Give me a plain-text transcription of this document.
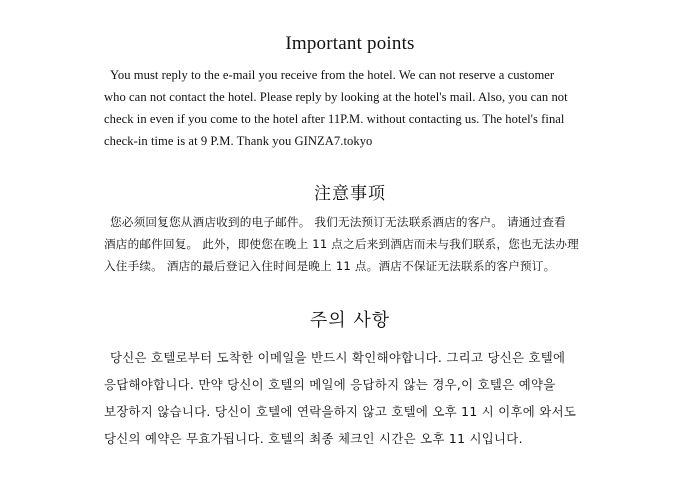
Important points
You must reply to the e-mail you receive from the hotel. We can not reserve a customer
who can not contact the hotel. Please reply by looking at the hotel's mail. Also, you can not
check in even if you come to the hotel after 11P.M. without contacting us. The hotel's final
check-in time is at 9 P.M. Thank you GINZA7.tokyo
注意事项
您必须回复您从酒店收到的电子邮件。 我们无法预订无法联系酒店的客户。 请通过查看
酒店的邮件回复。 此外，即使您在晚上 11 点之后来到酒店而未与我们联系，您也无法办理
入住手续。 酒店的最后登记入住时间是晚上 11 点。酒店不保证无法联系的客户预订。
주의 사항
당신은 호텔로부터 도착한 이메일을 반드시 확인해야합니다. 그리고 당신은 호텔에
응답해야합니다. 만약 당신이 호텔의 메일에 응답하지 않는 경우,이 호텔은 예약을
보장하지 않습니다. 당신이 호텔에 연락을하지 않고 호텔에 오후 11 시 이후에 와서도
당신의 예약은 무효가됩니다. 호텔의 최종 체크인 시간은 오후 11 시입니다.
